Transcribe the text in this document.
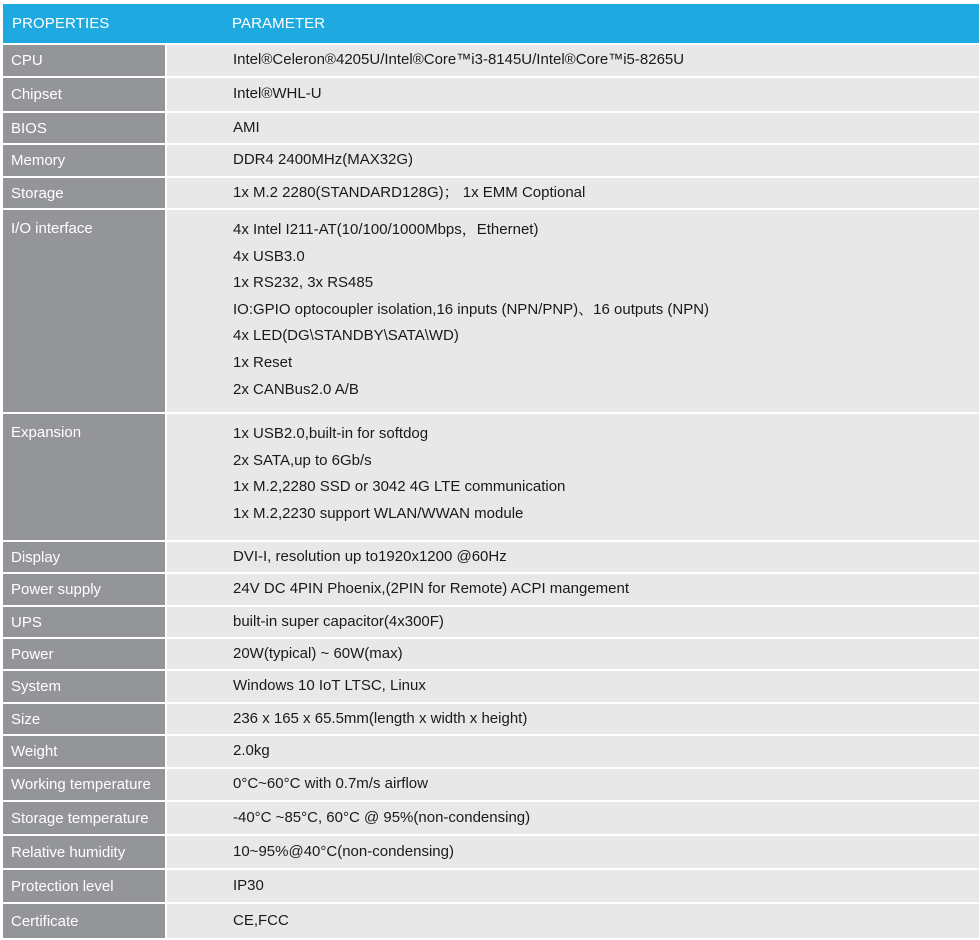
PROPERTIES	PARAMETER
CPU	Intel®Celeron®4205U/Intel®Core™i3-8145U/Intel®Core™i5-8265U
Chipset	Intel®WHL-U
BIOS	AMI
Memory	DDR4 2400MHz(MAX32G)
Storage	1x M.2 2280(STANDARD128G)； 1x EMM Coptional
I/O interface	4x Intel I211-AT(10/100/1000Mbps，Ethernet)
4x USB3.0
1x RS232, 3x RS485
IO:GPIO optocoupler isolation,16 inputs (NPN/PNP)、16 outputs (NPN)
4x LED(DG\STANDBY\SATA\WD)
1x Reset
2x CANBus2.0 A/B
Expansion	1x USB2.0,built-in for softdog
2x SATA,up to 6Gb/s
1x M.2,2280 SSD or 3042 4G LTE communication
1x M.2,2230 support WLAN/WWAN module
Display	DVI-I, resolution up to1920x1200 @60Hz
Power supply	24V DC 4PIN Phoenix,(2PIN for Remote) ACPI mangement
UPS	built-in super capacitor(4x300F)
Power	20W(typical) ~ 60W(max)
System	Windows 10 IoT LTSC, Linux
Size	236 x 165 x 65.5mm(length x width x height)
Weight	2.0kg
Working temperature	0°C~60°C with 0.7m/s airflow
Storage temperature	-40°C ~85°C, 60°C @ 95%(non-condensing)
Relative humidity	10~95%@40°C(non-condensing)
Protection level	IP30
Certificate	CE,FCC
